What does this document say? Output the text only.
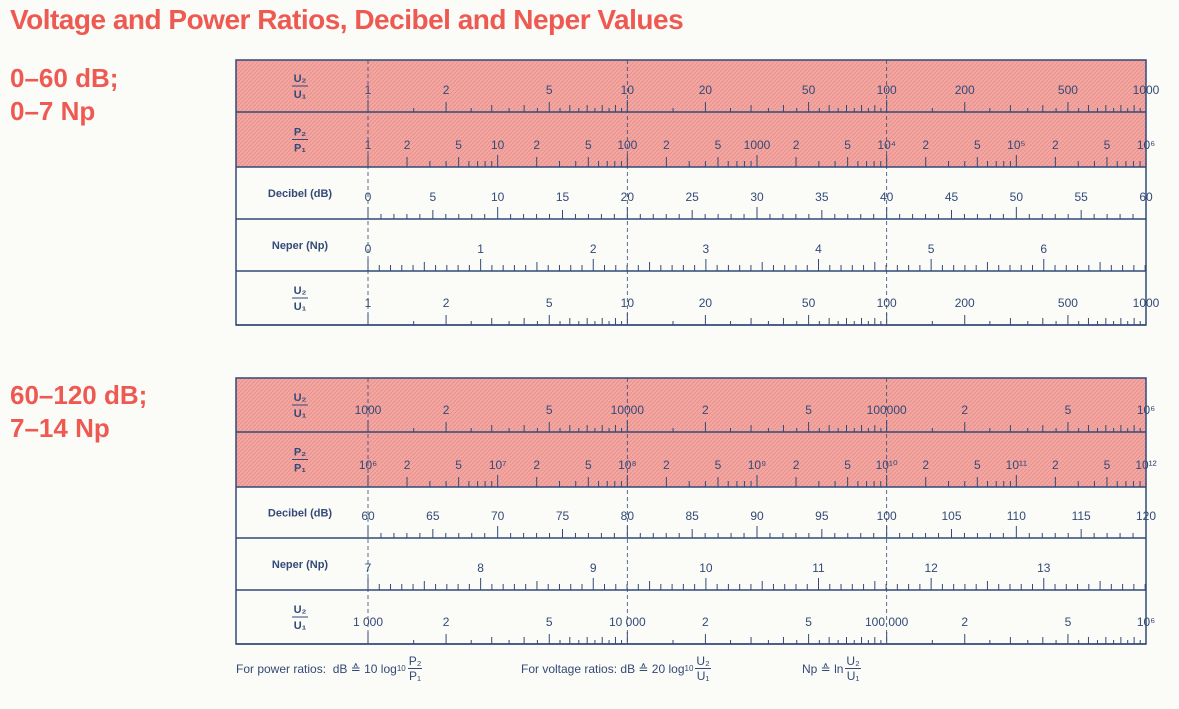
Voltage and Power Ratios, Decibel and Neper Values
0–60 dB;
0–7 Np
60–120 dB;
7–14 Np
U₂
U₁	1	2	5	10	20	50	100	200	500	1000
P₂
P₁	1	2	5 10 2	5 100 2	5 1000 2	5 10⁴ 2	5 10⁵ 2	5 10⁶
Decibel (dB)	0	5	10	15	20	25	30	35	40	45	50	55	60
Neper (Np)	0	1	2	3	4	5	6
U₂
U₁	1	2	5	10	20	50	100	200	500	1000
U₂
U₁	1000	2	5	10000	2	5	100000	2	5	10⁶
P₂
P₁	10⁶ 2	5 10⁷ 2	5 10⁸ 2	5 10⁹ 2	5 10¹⁰ 2	5 10¹¹ 2	5 10¹²
Decibel (dB) 60	65	70	75	80	85	90	95	100	105	110	115	120
Neper (Np)	7	8	9	10	11	12	13
U₂
U₁	1 000	2	5	10 000	2	5	100 000	2	5	10⁶
For power ratios:
dB ≙ 10 $\log 10 \frac{\text{P₂}}{\text{P₁}}$	For voltage ratios:
dB ≙ 20 $\log 10 \frac{\text{U₂}}{\text{U₁}}$	Np ≙ $\ln \frac{\text{U₂}}{\text{U₁}}$
